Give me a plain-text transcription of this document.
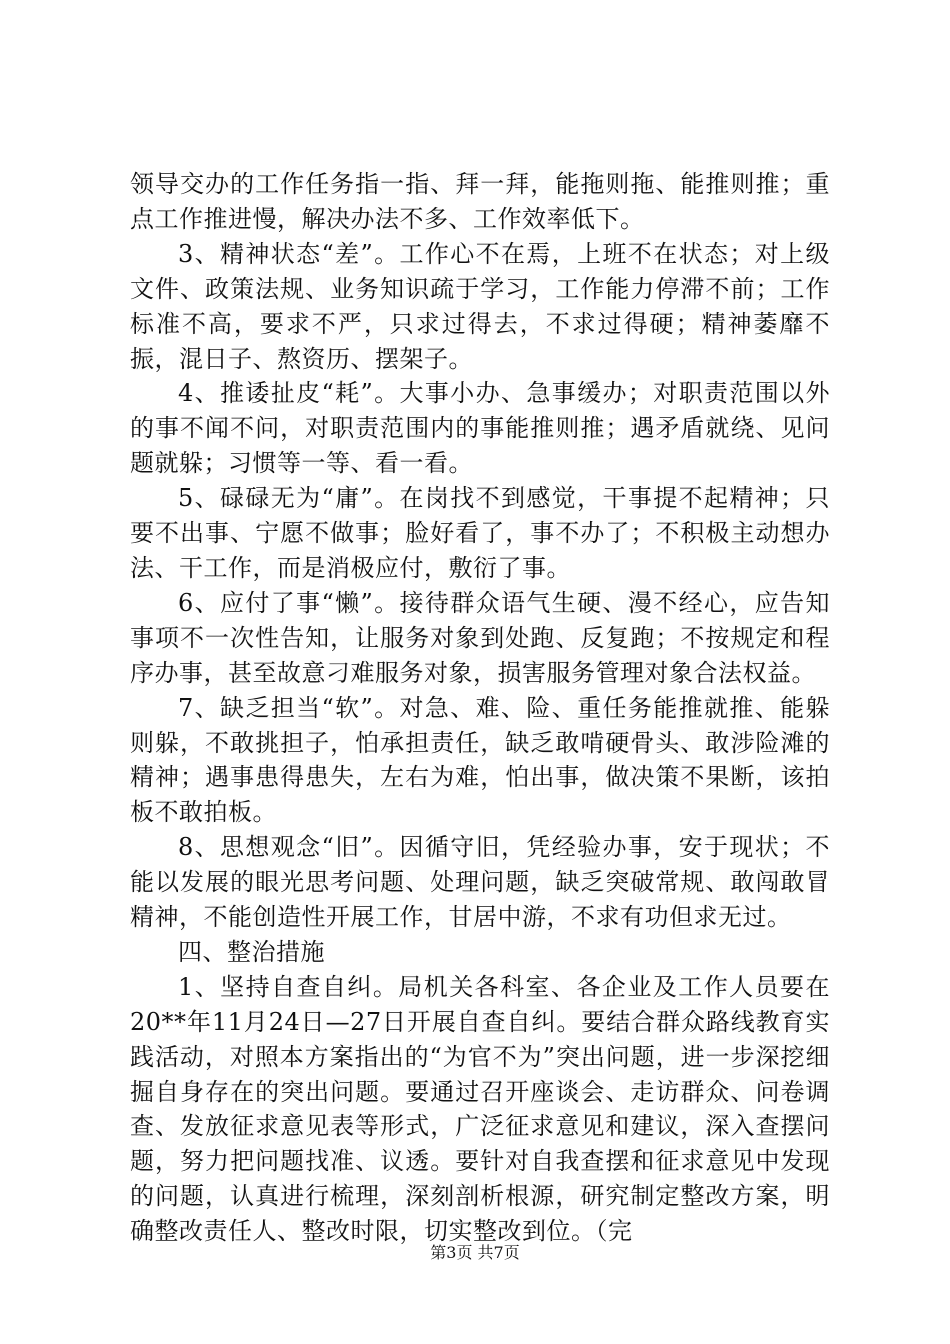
领导交办的工作任务指一指、拜一拜，能拖则拖、能推则推；重点工作推进慢，解决办法不多、工作效率低下。

3、精神状态“差”。工作心不在焉，上班不在状态；对上级文件、政策法规、业务知识疏于学习，工作能力停滞不前；工作标准不高，要求不严，只求过得去，不求过得硬；精神萎靡不振，混日子、熬资历、摆架子。

4、推诿扯皮“耗”。大事小办、急事缓办；对职责范围以外的事不闻不问，对职责范围内的事能推则推；遇矛盾就绕、见问题就躲；习惯等一等、看一看。

5、碌碌无为“庸”。在岗找不到感觉，干事提不起精神；只要不出事、宁愿不做事；脸好看了，事不办了；不积极主动想办法、干工作，而是消极应付，敷衍了事。

6、应付了事“懒”。接待群众语气生硬、漫不经心，应告知事项不一次性告知，让服务对象到处跑、反复跑；不按规定和程序办事，甚至故意刁难服务对象，损害服务管理对象合法权益。

7、缺乏担当“软”。对急、难、险、重任务能推就推、能躲则躲，不敢挑担子，怕承担责任，缺乏敢啃硬骨头、敢涉险滩的精神；遇事患得患失，左右为难，怕出事，做决策不果断，该拍板不敢拍板。

8、思想观念“旧”。因循守旧，凭经验办事，安于现状；不能以发展的眼光思考问题、处理问题，缺乏突破常规、敢闯敢冒精神，不能创造性开展工作，甘居中游，不求有功但求无过。

四、整治措施

1、坚持自查自纠。局机关各科室、各企业及工作人员要在20**年11月24日—27日开展自查自纠。要结合群众路线教育实践活动，对照本方案指出的“为官不为”突出问题，进一步深挖细掘自身存在的突出问题。要通过召开座谈会、走访群众、问卷调查、发放征求意见表等形式，广泛征求意见和建议，深入查摆问题，努力把问题找准、议透。要针对自我查摆和征求意见中发现的问题，认真进行梳理，深刻剖析根源，研究制定整改方案，明确整改责任人、整改时限，切实整改到位。（完

第3页 共7页
